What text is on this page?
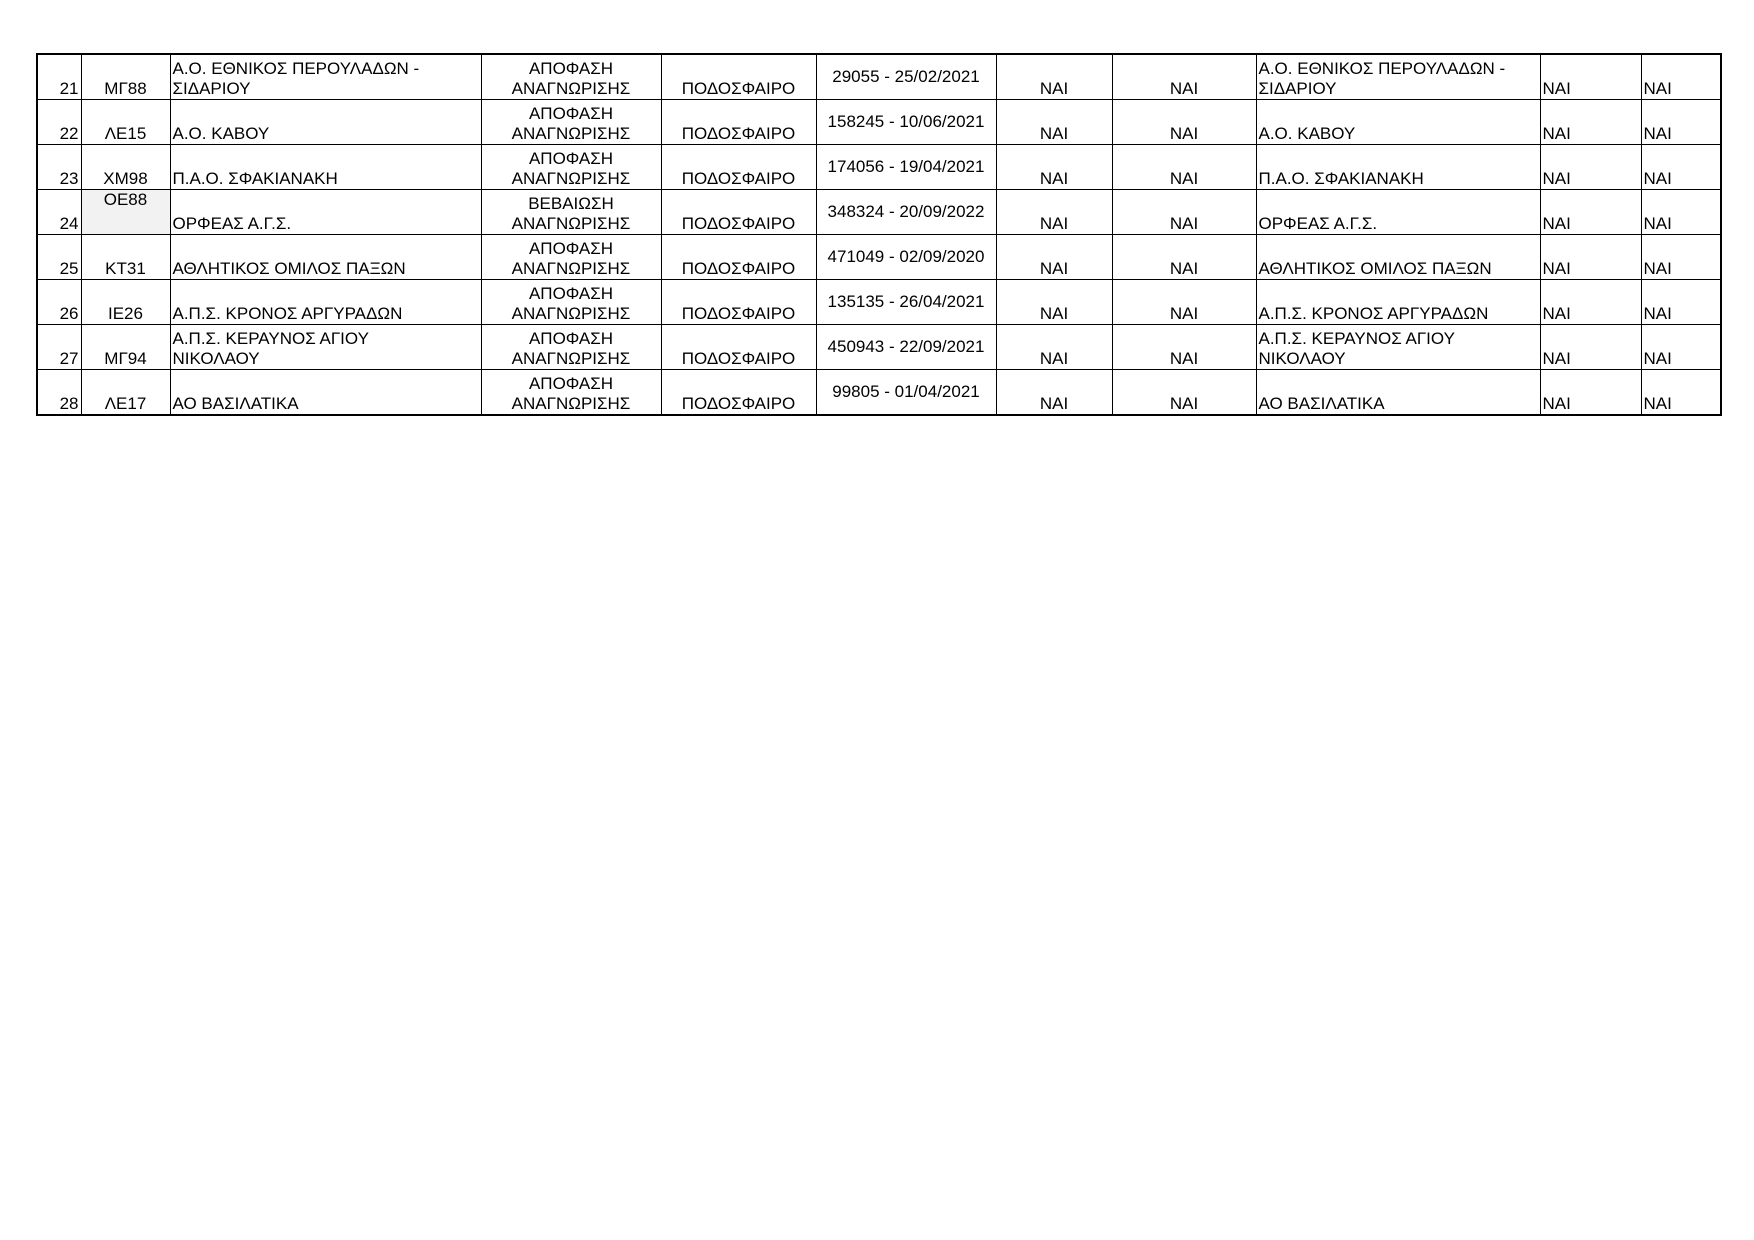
21	ΜΓ88	Α.Ο. ΕΘΝΙΚΟΣ ΠΕΡΟΥΛΑΔΩΝ -
ΣΙΔΑΡΙΟΥ	ΑΠΟΦΑΣΗ
ΑΝΑΓΝΩΡΙΣΗΣ	ΠΟΔΟΣΦΑΙΡΟ	29055 - 25/02/2021	ΝΑΙ	ΝΑΙ	Α.Ο. ΕΘΝΙΚΟΣ ΠΕΡΟΥΛΑΔΩΝ -
ΣΙΔΑΡΙΟΥ	ΝΑΙ	ΝΑΙ
22	ΛΕ15	Α.Ο. ΚΑΒΟΥ	ΑΠΟΦΑΣΗ
ΑΝΑΓΝΩΡΙΣΗΣ	ΠΟΔΟΣΦΑΙΡΟ	158245 - 10/06/2021	ΝΑΙ	ΝΑΙ	Α.Ο. ΚΑΒΟΥ	ΝΑΙ	ΝΑΙ
23	ΧΜ98	Π.Α.Ο. ΣΦΑΚΙΑΝΑΚΗ	ΑΠΟΦΑΣΗ
ΑΝΑΓΝΩΡΙΣΗΣ	ΠΟΔΟΣΦΑΙΡΟ	174056 - 19/04/2021	ΝΑΙ	ΝΑΙ	Π.Α.Ο. ΣΦΑΚΙΑΝΑΚΗ	ΝΑΙ	ΝΑΙ
24	ΟΕ88	ΟΡΦΕΑΣ Α.Γ.Σ.	ΒΕΒΑΙΩΣΗ
ΑΝΑΓΝΩΡΙΣΗΣ	ΠΟΔΟΣΦΑΙΡΟ	348324 - 20/09/2022	ΝΑΙ	ΝΑΙ	ΟΡΦΕΑΣ Α.Γ.Σ.	ΝΑΙ	ΝΑΙ
25	ΚΤ31	ΑΘΛΗΤΙΚΟΣ ΟΜΙΛΟΣ ΠΑΞΩΝ	ΑΠΟΦΑΣΗ
ΑΝΑΓΝΩΡΙΣΗΣ	ΠΟΔΟΣΦΑΙΡΟ	471049 - 02/09/2020	ΝΑΙ	ΝΑΙ	ΑΘΛΗΤΙΚΟΣ ΟΜΙΛΟΣ ΠΑΞΩΝ	ΝΑΙ	ΝΑΙ
26	ΙΕ26	Α.Π.Σ. ΚΡΟΝΟΣ ΑΡΓΥΡΑΔΩΝ	ΑΠΟΦΑΣΗ
ΑΝΑΓΝΩΡΙΣΗΣ	ΠΟΔΟΣΦΑΙΡΟ	135135 - 26/04/2021	ΝΑΙ	ΝΑΙ	Α.Π.Σ. ΚΡΟΝΟΣ ΑΡΓΥΡΑΔΩΝ	ΝΑΙ	ΝΑΙ
27	ΜΓ94	Α.Π.Σ. ΚΕΡΑΥΝΟΣ ΑΓΙΟΥ
ΝΙΚΟΛΑΟΥ	ΑΠΟΦΑΣΗ
ΑΝΑΓΝΩΡΙΣΗΣ	ΠΟΔΟΣΦΑΙΡΟ	450943 - 22/09/2021	ΝΑΙ	ΝΑΙ	Α.Π.Σ. ΚΕΡΑΥΝΟΣ ΑΓΙΟΥ
ΝΙΚΟΛΑΟΥ	ΝΑΙ	ΝΑΙ
28	ΛΕ17	ΑΟ ΒΑΣΙΛΑΤΙΚΑ	ΑΠΟΦΑΣΗ
ΑΝΑΓΝΩΡΙΣΗΣ	ΠΟΔΟΣΦΑΙΡΟ	99805 - 01/04/2021	ΝΑΙ	ΝΑΙ	ΑΟ ΒΑΣΙΛΑΤΙΚΑ	ΝΑΙ	ΝΑΙ
